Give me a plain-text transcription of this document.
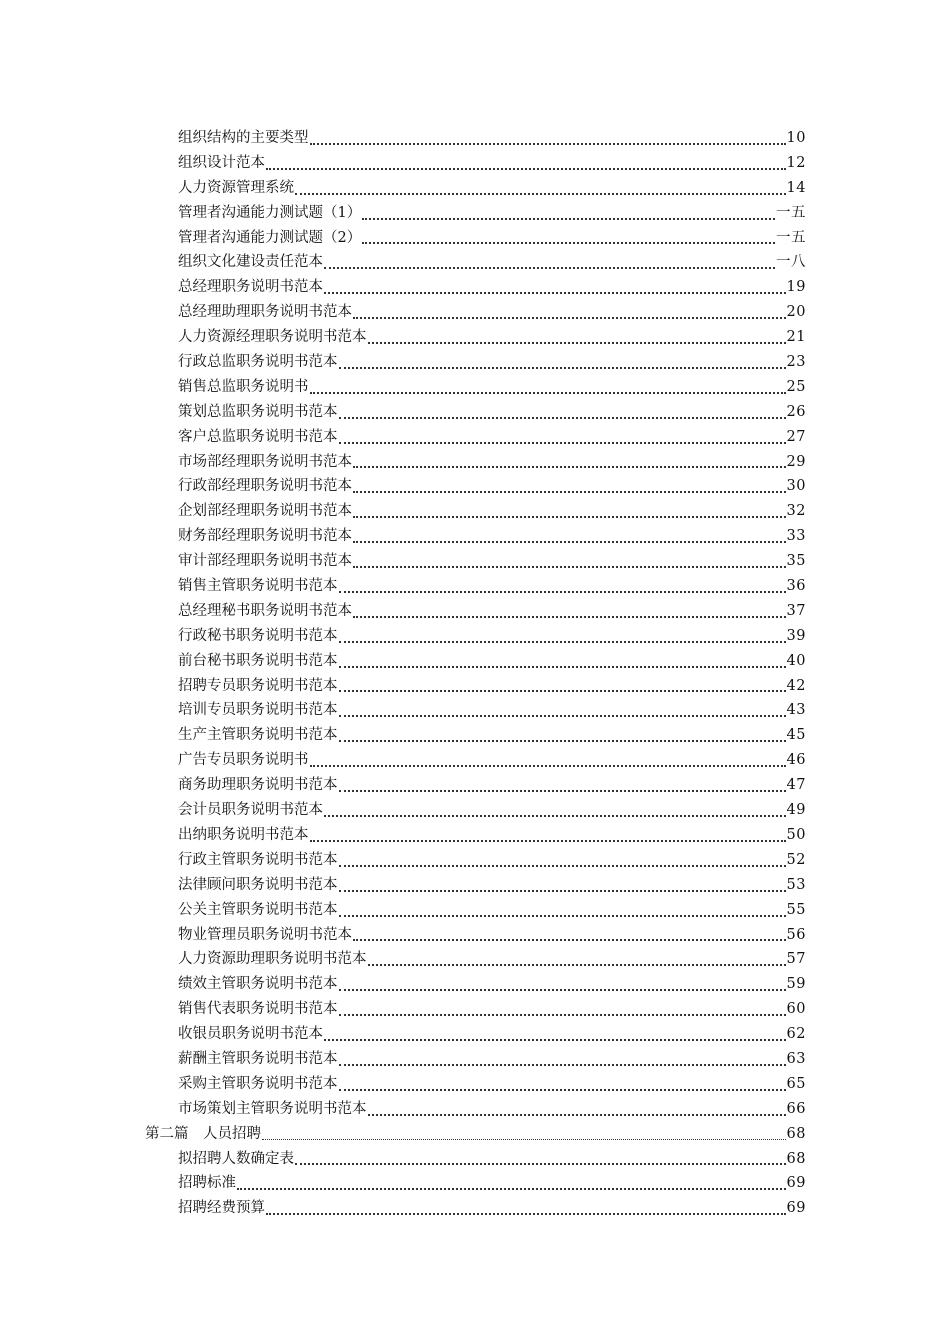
组织结构的主要类型	10
组织设计范本	12
人力资源管理系统	14
管理者沟通能力测试题（1）	一五
管理者沟通能力测试题（2）	一五
组织文化建设责任范本	一八
总经理职务说明书范本	19
总经理助理职务说明书范本	20
人力资源经理职务说明书范本	21
行政总监职务说明书范本	23
销售总监职务说明书	25
策划总监职务说明书范本	26
客户总监职务说明书范本	27
市场部经理职务说明书范本	29
行政部经理职务说明书范本	30
企划部经理职务说明书范本	32
财务部经理职务说明书范本	33
审计部经理职务说明书范本	35
销售主管职务说明书范本	36
总经理秘书职务说明书范本	37
行政秘书职务说明书范本	39
前台秘书职务说明书范本	40
招聘专员职务说明书范本	42
培训专员职务说明书范本	43
生产主管职务说明书范本	45
广告专员职务说明书	46
商务助理职务说明书范本	47
会计员职务说明书范本	49
出纳职务说明书范本	50
行政主管职务说明书范本	52
法律顾问职务说明书范本	53
公关主管职务说明书范本	55
物业管理员职务说明书范本	56
人力资源助理职务说明书范本	57
绩效主管职务说明书范本	59
销售代表职务说明书范本	60
收银员职务说明书范本	62
薪酬主管职务说明书范本	63
采购主管职务说明书范本	65
市场策划主管职务说明书范本	66
第二篇　人员招聘	68
拟招聘人数确定表	68
招聘标准	69
招聘经费预算	69
